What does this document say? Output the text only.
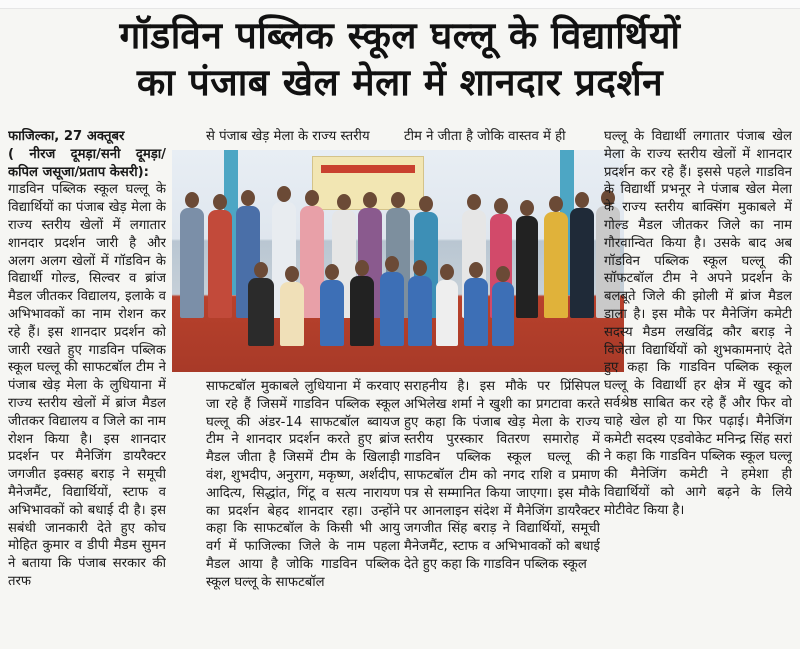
गॉडविन पब्लिक स्कूल घल्लू के विद्यार्थियों
का पंजाब खेल मेला में शानदार प्रदर्शन

फाजिल्का, 27 अक्तूबर

( नीरज दूमड़ा/सनी दूमड़ा/ कपिल जसूजा/प्रताप केसरी):

गाडविन पब्लिक स्कूल घल्लू के विद्यार्थियों का पंजाब खेड़ मेला के राज्य स्तरीय खेलों में लगातार शानदार प्रदर्शन जारी है और अलग अलग खेलों में गॉडविन के विद्यार्थी गोल्ड, सिल्वर व ब्रांज मैडल जीतकर विद्यालय, इलाके व अभिभावकों का नाम रोशन कर रहे हैं। इस शानदार प्रदर्शन को जारी रखते हुए गाडविन पब्लिक स्कूल घल्लू की साफटबॉल टीम ने पंजाब खेड़ मेला के लुधियाना में राज्य स्तरीय खेलों में ब्रांज मैडल जीतकर विद्यालय व जिले का नाम रोशन किया है। इस शानदार प्रदर्शन पर मैनेजिंग डायरैक्टर जगजीत इक्सह बराड़ ने समूची मैनेजमैंट, विद्यार्थियों, स्टाफ व अभिभावकों को बधाई दी है। इस सबंधी जानकारी देते हुए कोच मोहित कुमार व डीपी मैडम सुमन ने बताया कि पंजाब सरकार की तरफ

से पंजाब खेड़ मेला के राज्य स्तरीय	टीम ने जीता है जोकि वास्तव में ही

साफटबॉल मुकाबले लुधियाना में करवाए जा रहे हैं जिसमें गाडविन पब्लिक स्कूल घल्लू की अंडर-14 साफटबॉल ब्वायज टीम ने शानदार प्रदर्शन करते हुए ब्रांज मैडल जीता है जिसमें टीम के खिलाड़ी वंश, शुभदीप, अनुराग, मकृष्ण, अर्शदीप, आदित्य, सिद्धांत, गिंटू व सत्य नारायण का प्रदर्शन बेहद शानदार रहा। उन्होंने कहा कि साफटबॉल के किसी भी आयु वर्ग में फाजिल्का जिले के नाम पहला मैडल आया है जोकि गाडविन पब्लिक स्कूल घल्लू के साफटबॉल

सराहनीय है। इस मौके पर प्रिंसिपल अभिलेख शर्मा ने खुशी का प्रगटावा करते हुए कहा कि पंजाब खेड़ मेला के राज्य स्तरीय पुरस्कार वितरण समारोह में गाडविन पब्लिक स्कूल घल्लू की साफटबॉल टीम को नगद राशि व प्रमाण पत्र से सम्मानित किया जाएगा। इस मौके पर आनलाइन संदेश में मैनेजिंग डायरैक्टर जगजीत सिंह बराड़ ने विद्यार्थियों, समूची मैनेजमैंट, स्टाफ व अभिभावकों को बधाई देते हुए कहा कि गाडविन पब्लिक स्कूल

घल्लू के विद्यार्थी लगातार पंजाब खेल मेला के राज्य स्तरीय खेलों में शानदार प्रदर्शन कर रहे हैं। इससे पहले गाडविन के विद्यार्थी प्रभनूर ने पंजाब खेल मेला के राज्य स्तरीय बाक्सिंग मुकाबले में गोल्ड मैडल जीतकर जिले का नाम गौरवान्वित किया है। उसके बाद अब गॉडविन पब्लिक स्कूल घल्लू की सॉफटबॉल टीम ने अपने प्रदर्शन के बलबूते जिले की झोली में ब्रांज मैडल डाला है। इस मौके पर मैनेजिंग कमेटी सदस्य मैडम लखविंद्र कौर बराड़ ने विजेता विद्यार्थियों को शुभकामनाएं देते हुए कहा कि गाडविन पब्लिक स्कूल घल्लू के विद्यार्थी हर क्षेत्र में खुद को सर्वश्रेष्ठ साबित कर रहे हैं और फिर वो चाहे खेल हो या फिर पढ़ाई। मैनेजिंग कमेटी सदस्य एडवोकेट मनिन्द्र सिंह सरां ने कहा कि गाडविन पब्लिक स्कूल घल्लू की मैनेजिंग कमेटी ने हमेशा ही विद्यार्थियों को आगे बढ़ने के लिये मोटीवेट किया है।
